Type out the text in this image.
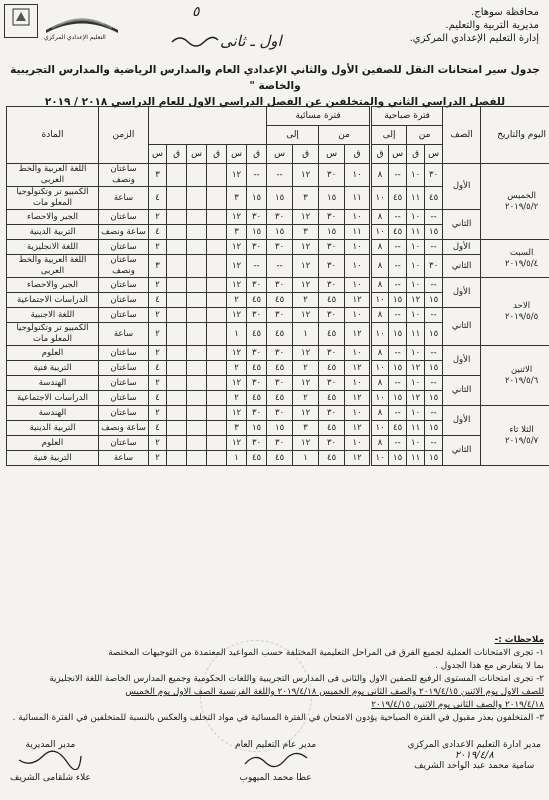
التعليم الإعدادي المركزي
٥
اول ـ ثانى
محافظة سوهاج.
مديرية التربية والتعليم.
إدارة التعليم الإعدادي المركزي.
جدول سير امتحانات النقل للصفين الأول والثاني الإعدادي العام والمدارس الرياضية والمدارس التجريبية والخاصة "
للفصل الدراسي الثاني والمتخلفين عن الفصل الدراسي الاول للعام الدراسي ٢٠١٨ / ٢٠١٩
اليوم والتاريخ	الصف	فترة صباحية				فترة مسائية										الزمن	المادة
		من		إلى		من		إلى									
		س	ق	س	ق	ق	س	ق	س	ق	س	ق	س	ق	س		

الخميس
٢٠١٩/٥/٢	الأول	٣٠	١٠	--	٨	١٠	٣٠	١٢	--	--	١٢				٣	ساعتان ونصف	اللغة العربية والخط العربى
		٤٥	١١	٤٥	١٠	١١	١٥	٣	١٥	١٥	٣				٤	ساعة	الكمبيو تر وتكنولوجيا المعلو مات
	الثاني	--	١٠	--	٨	١٠	٣٠	١٢	٣٠	٣٠	١٢				٢	ساعتان	الجبر والاحصاء
		١٥	١١	٤٥	١٠	١١	١٥	٣	١٥	١٥	٣				٤	ساعة ونصف	التربية الدينية

السبت
٢٠١٩/٥/٤	الأول	--	١٠	--	٨	١٠	٣٠	١٢	٣٠	٣٠	١٢				٢	ساعتان	اللغة الانجليزية
	الثاني	٣٠	١٠	--	٨	١٠	٣٠	١٢	--	--	١٢				٣	ساعتان ونصف	اللغة العربية والخط العربى

الاحد
٢٠١٩/٥/٥	الأول	--	١٠	--	٨	١٠	٣٠	١٢	٣٠	٣٠	١٢				٢	ساعتان	الجبر والاحصاء
		١٥	١٢	١٥	١٠	١٢	٤٥	٢	٤٥	٤٥	٢				٤	ساعتان	الدراسات الاجتماعية
	الثاني	--	١٠	--	٨	١٠	٣٠	١٢	٣٠	٣٠	١٢				٢	ساعتان	اللغة الاجنبية
		١٥	١١	١٥	١٠	١٢	٤٥	١	٤٥	٤٥	١				٢	ساعة	الكمبيو تر وتكنولوجيا المعلو مات

الاثنين
٢٠١٩/٥/٦	الأول	--	١٠	--	٨	١٠	٣٠	١٢	٣٠	٣٠	١٢				٢	ساعتان	العلوم
		١٥	١٢	١٥	١٠	١٢	٤٥	٢	٤٥	٤٥	٢				٤	ساعتان	التربية فنية
	الثاني	--	١٠	--	٨	١٠	٣٠	١٢	٣٠	٣٠	١٢				٢	ساعتان	الهندسة
		١٥	١٢	١٥	١٠	١٢	٤٥	٢	٤٥	٤٥	٢				٤	ساعتان	الدراسات الاجتماعية

الثلا ثاء
٢٠١٩/٥/٧	الأول	--	١٠	--	٨	١٠	٣٠	١٢	٣٠	٣٠	١٢				٢	ساعتان	الهندسة
		١٥	١١	٤٥	١٠	١٢	٤٥	٣	١٥	١٥	٣				٤	ساعة ونصف	التربية الدينية
	الثاني	--	١٠	--	٨	١٠	٣٠	١٢	٣٠	٣٠	١٢				٢	ساعتان	العلوم
		١٥	١١	١٥	١٠	١٢	٤٥	١	٤٥	٤٥	١				٢	ساعة	التربية فنية
ملاحظات :-
١- تجرى الامتحانات العملية لجميع الفرق فى المراحل التعليمية المختلفة حسب المواعيد المعتمدة من التوجيهات المختصة
بما لا يتعارض مع هذا الجدول .
٢- تجرى امتحانات المستوى الرفيع للصفين الاول والثانى فى المدارس التجريبية واللغات الحكومية وجميع المدارس الخاصة اللغة الانجليزية
للصف الاول يوم الاثنين ٢٠١٩/٤/١٥ والصف الثانى يوم الخميس ٢٠١٩/٤/١٨ واللغة الفرنسية الصف الاول يوم الخميس
٢٠١٩/٤/١٨ والصف الثانى يوم الاثنين ٢٠١٩/٤/١٥
٣- المتخلفون بعذر مقبول في الفترة الصباحية يؤدون الامتحان في الفترة المسائية في مواد التخلف والعكس بالنسبة للمتخلفين في الفترة المسائية .
مدير ادارة التعليم الاعدادى المركزي
٢٠١٩/٤/٨
سامية محمد عبد الواحد الشريف
مدير عام التعليم العام
عطا محمد الميهوب
مدير المديرية
علاء شلقامى الشريف
